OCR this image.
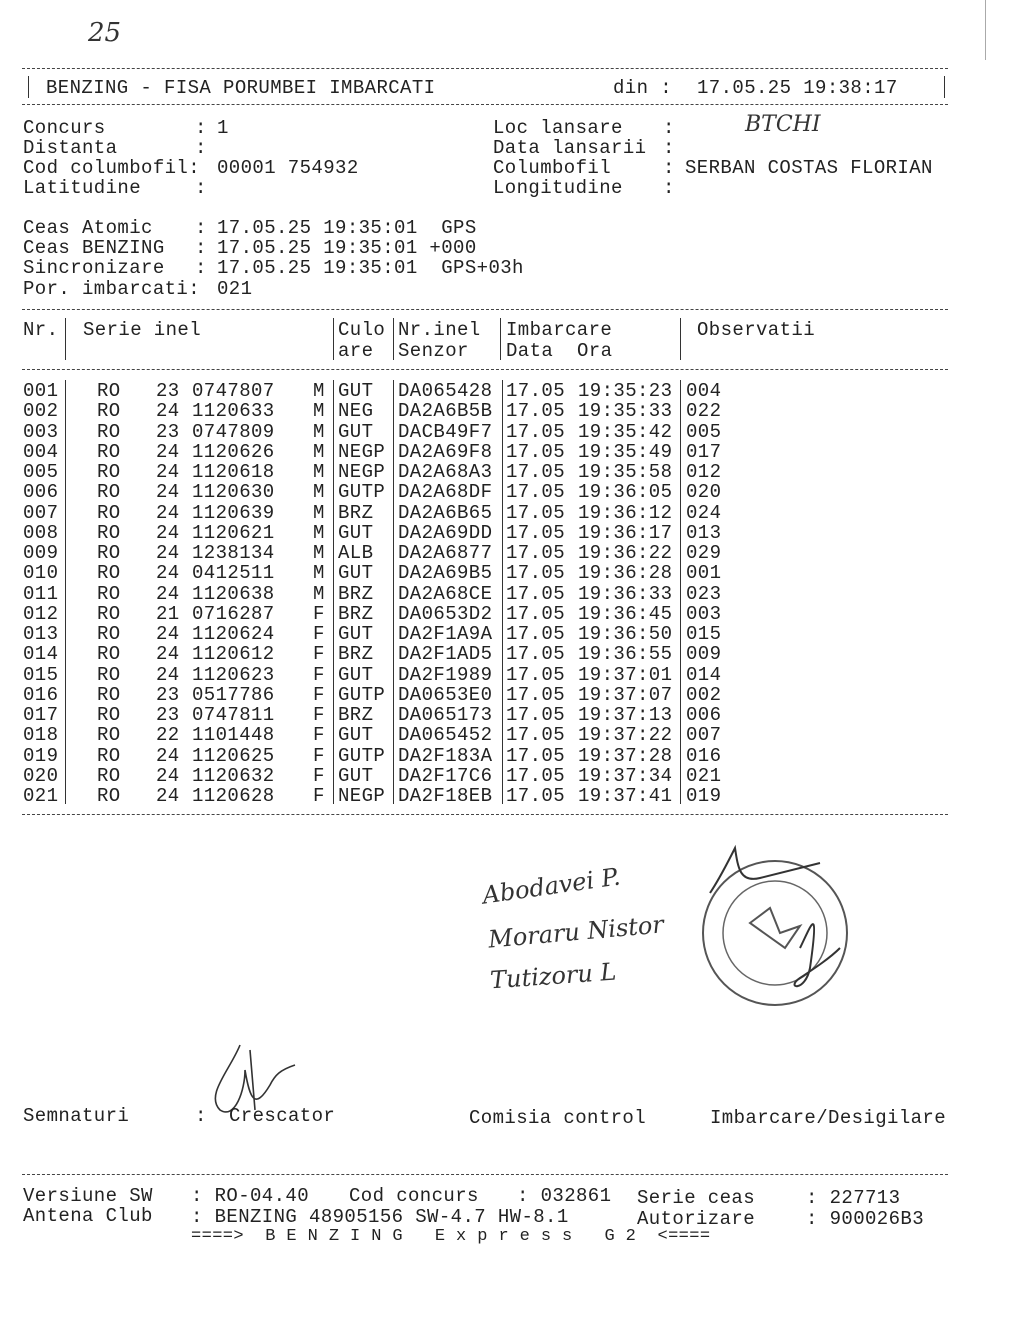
25
BENZING - FISA PORUMBEI IMBARCATI	din : 17.05.25 19:38:17
Concurs	: 1
Distanta	:
Cod columbofil: 00001 754932
Latitudine	:
Loc lansare :	BTCHI
Data lansarii :
Columbofil	: SERBAN COSTAS FLORIAN
Longitudine :
Ceas Atomic : 17.05.25 19:35:01  GPS
Ceas BENZING : 17.05.25 19:35:01 +000
Sincronizare : 17.05.25 19:35:01  GPS+03h
Por. imbarcati: 021
Nr. Serie inel	Culo
are
Nr.inel
Senzor
Imbarcare
Data Ora
Observatii
001 RO 23 0747807 M GUT DA065428 17.05 19:35:23 004
002 RO 24 1120633 M NEG DA2A6B5B 17.05 19:35:33 022
003 RO 23 0747809 M GUT DACB49F7 17.05 19:35:42 005
004 RO 24 1120626 M NEGP DA2A69F8 17.05 19:35:49 017
005 RO 24 1120618 M NEGP DA2A68A3 17.05 19:35:58 012
006 RO 24 1120630 M GUTP DA2A68DF 17.05 19:36:05 020
007 RO 24 1120639 M BRZ DA2A6B65 17.05 19:36:12 024
008 RO 24 1120621 M GUT DA2A69DD 17.05 19:36:17 013
009 RO 24 1238134 M ALB DA2A6877 17.05 19:36:22 029
010 RO 24 0412511 M GUT DA2A69B5 17.05 19:36:28 001
011 RO 24 1120638 M BRZ DA2A68CE 17.05 19:36:33 023
012 RO 21 0716287 F BRZ DA0653D2 17.05 19:36:45 003
013 RO 24 1120624 F GUT DA2F1A9A 17.05 19:36:50 015
014 RO 24 1120612 F BRZ DA2F1AD5 17.05 19:36:55 009
015 RO 24 1120623 F GUT DA2F1989 17.05 19:37:01 014
016 RO 23 0517786 F GUTP DA0653E0 17.05 19:37:07 002
017 RO 23 0747811 F BRZ DA065173 17.05 19:37:13 006
018 RO 22 1101448 F GUT DA065452 17.05 19:37:22 007
019 RO 24 1120625 F GUTP DA2F183A 17.05 19:37:28 016
020 RO 24 1120632 F GUT DA2F17C6 17.05 19:37:34 021
021 RO 24 1120628 F NEGP DA2F18EB 17.05 19:37:41 019
Abodavei P.
Moraru Nistor
Tutizoru L
Semnaturi	: Crescator	Comisia control	Imbarcare/Desigilare
Versiune SW : RO-04.40 Cod concurs : 032861 Serie ceas	: 227713
Antena Club : BENZING 48905156 SW-4.7 HW-8.1	Autorizare	: 900026B3
====>  B E N Z I N G   E x p r e s s   G 2  <====
